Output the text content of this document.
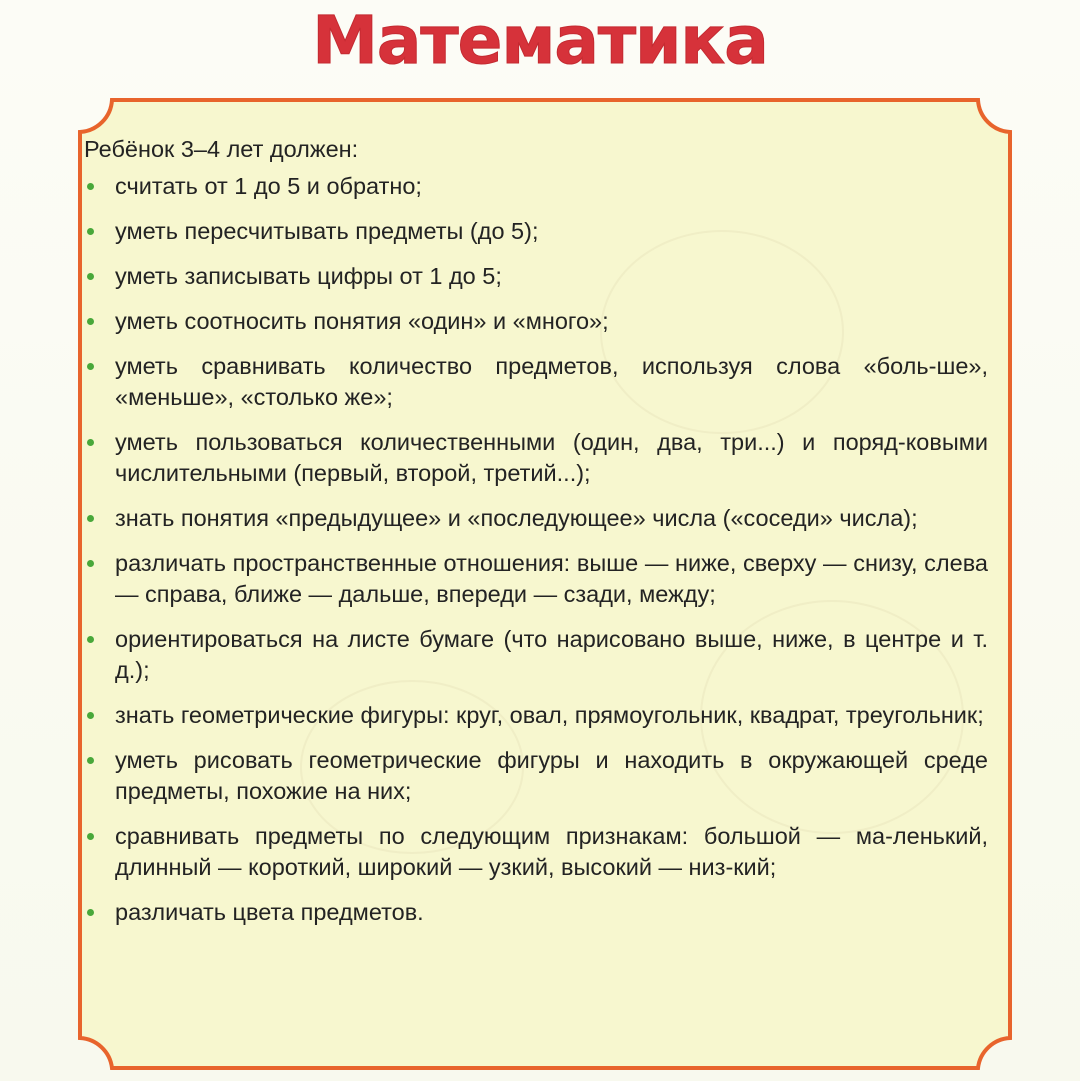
Математика

Ребёнок 3–4 лет должен:

считать от 1 до 5 и обратно;
уметь пересчитывать предметы (до 5);
уметь записывать цифры от 1 до 5;
уметь соотносить понятия «один» и «много»;
уметь сравнивать количество предметов, используя слова «боль-ше», «меньше», «столько же»;
уметь пользоваться количественными (один, два, три...) и поряд-ковыми числительными (первый, второй, третий...);
знать понятия «предыдущее» и «последующее» числа («соседи» числа);
различать пространственные отношения: выше — ниже, сверху — снизу, слева — справа, ближе — дальше, впереди — сзади, между;
ориентироваться на листе бумаге (что нарисовано выше, ниже, в центре и т. д.);
знать геометрические фигуры: круг, овал, прямоугольник, квадрат, треугольник;
уметь рисовать геометрические фигуры и находить в окружающей среде предметы, похожие на них;
сравнивать предметы по следующим признакам: большой — ма-ленький, длинный — короткий, широкий — узкий, высокий — низ-кий;
различать цвета предметов.
